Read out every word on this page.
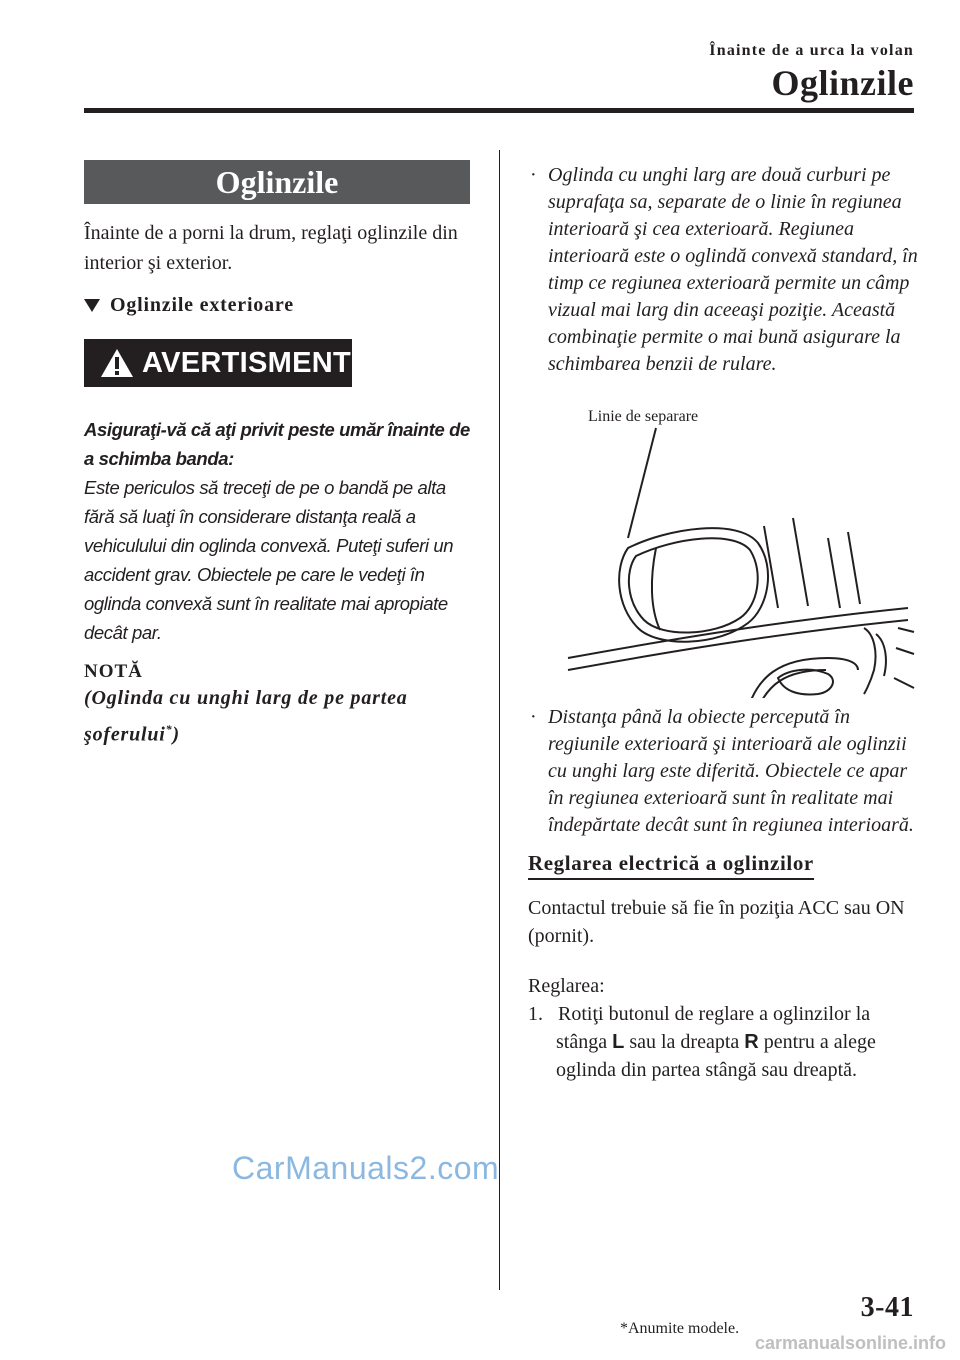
Înainte de a urca la volan
Oglinzile
Oglinzile
Înainte de a porni la drum, reglaţi oglinzile din interior şi exterior.
Oglinzile exterioare
AVERTISMENT
Asiguraţi-vă că aţi privit peste umăr înainte de a schimba banda:
Este periculos să treceţi de pe o bandă pe alta fără să luaţi în considerare distanţa reală a vehiculului din oglinda convexă. Puteţi suferi un accident grav. Obiectele pe care le vedeţi în oglinda convexă sunt în realitate mai apropiate decât par.
NOTĂ
(Oglinda cu unghi larg de pe partea şoferului*)
· Oglinda cu unghi larg are două curburi pe suprafaţa sa, separate de o linie în regiunea interioară şi cea exterioară. Regiunea interioară este o oglindă convexă standard, în timp ce regiunea exterioară permite un câmp vizual mai larg din aceeaşi poziţie. Această combinaţie permite o mai bună asigurare la schimbarea benzii de rulare.
Linie de separare
· Distanţa până la obiecte percepută în regiunile exterioară şi interioară ale oglinzii cu unghi larg este diferită. Obiectele ce apar în regiunea exterioară sunt în realitate mai îndepărtate decât sunt în regiunea interioară.
Reglarea electrică a oglinzilor
Contactul trebuie să fie în poziţia ACC sau ON (pornit).
Reglarea:
1. Rotiţi butonul de reglare a oglinzilor la stânga L sau la dreapta R pentru a alege oglinda din partea stângă sau dreaptă.
CarManuals2.com
*Anumite modele.
3-41
carmanualsonline.info
